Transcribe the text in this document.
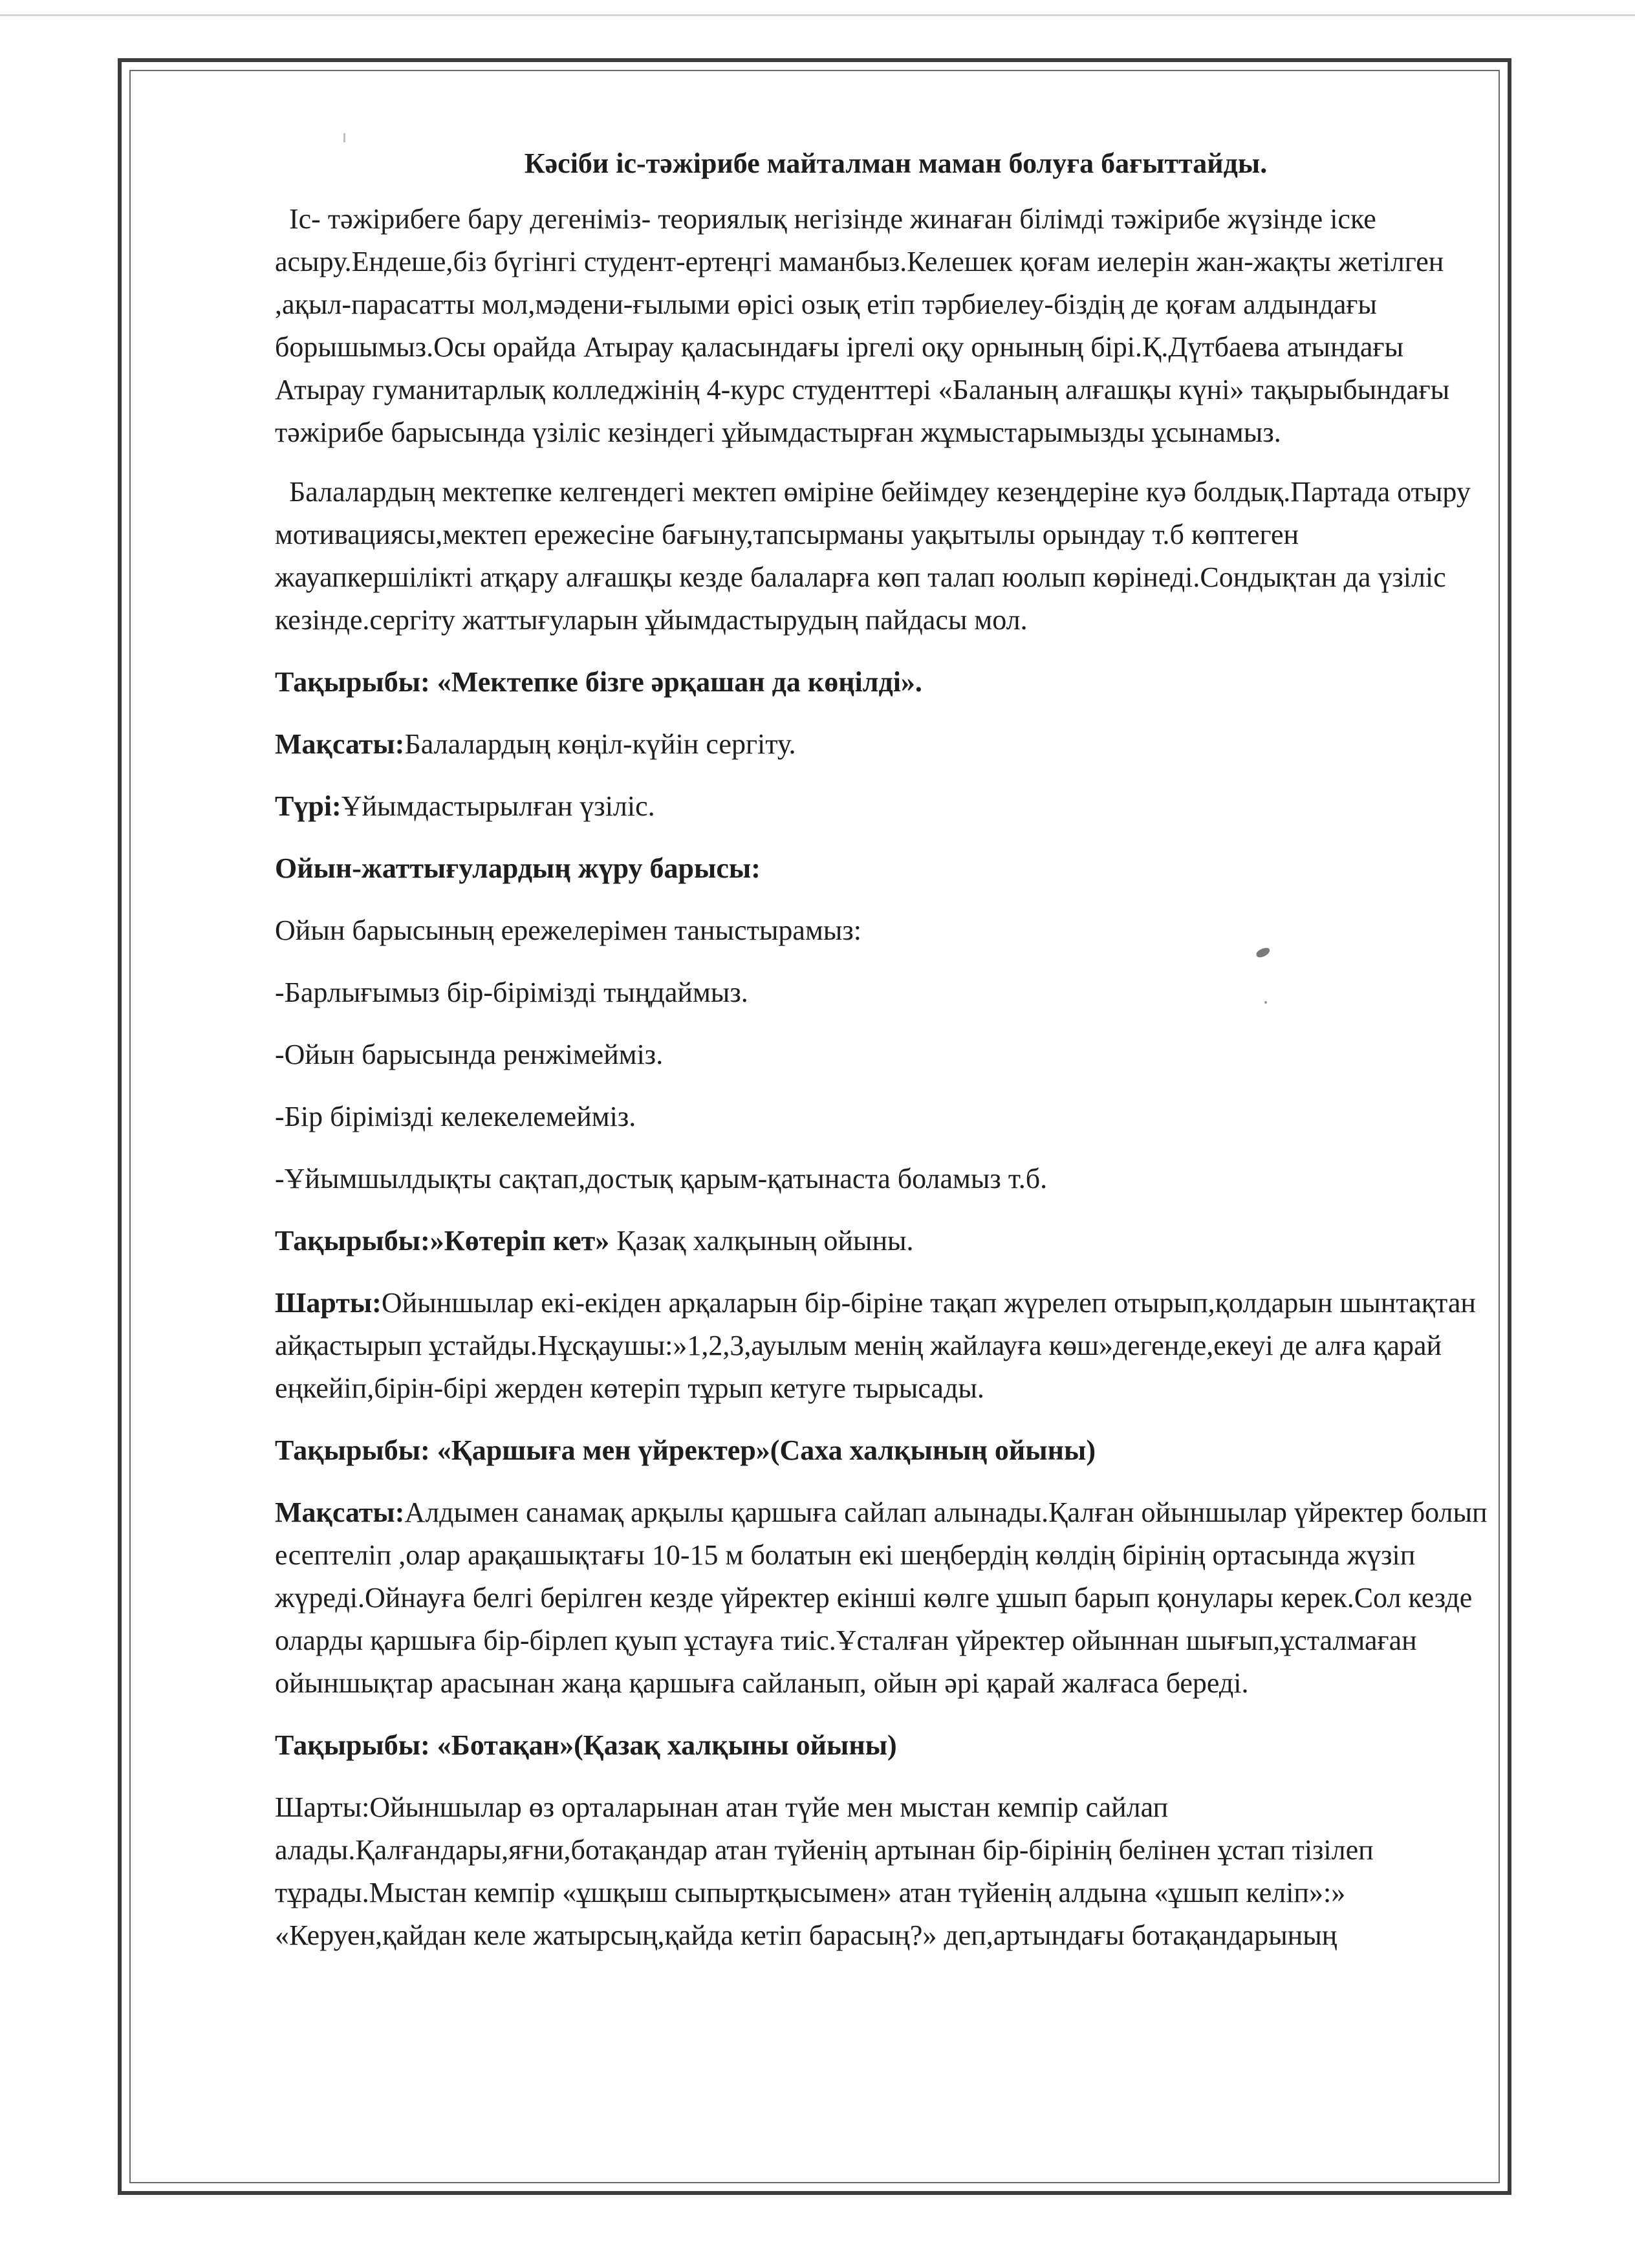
Кәсіби іс-тәжірибе майталман маман болуға бағыттайды.

Іс- тәжірибеге бару дегеніміз- теориялық негізінде жинаған білімді тәжірибе жүзінде іске асыру.Ендеше,біз бүгінгі студент-ертеңгі маманбыз.Келешек қоғам иелерін жан-жақты жетілген ,ақыл-парасатты мол,мәдени-ғылыми өрісі озық етіп тәрбиелеу-біздің де қоғам алдындағы борышымыз.Осы орайда Атырау қаласындағы іргелі оқу орнының бірі.Қ.Дүтбаева атындағы Атырау гуманитарлық колледжінің 4-курс студенттері «Баланың алғашқы күні» тақырыбындағы тәжірибе барысында үзіліс кезіндегі ұйымдастырған жұмыстарымызды ұсынамыз.

Балалардың мектепке келгендегі мектеп өміріне бейімдеу кезеңдеріне куә болдық.Партада отыру мотивациясы,мектеп ережесіне бағыну,тапсырманы уақытылы орындау т.б көптеген жауапкершілікті атқару алғашқы кезде балаларға көп талап юолып көрінеді.Сондықтан да үзіліс кезінде.сергіту жаттығуларын ұйымдастырудың пайдасы мол.

Тақырыбы: «Мектепке бізге әрқашан да көңілді».

Мақсаты:Балалардың көңіл-күйін сергіту.

Түрі:Ұйымдастырылған үзіліс.

Ойын-жаттығулардың жүру барысы:

Ойын барысының ережелерімен таныстырамыз:

-Барлығымыз бір-бірімізді тыңдаймыз.

-Ойын барысында ренжімейміз.

-Бір бірімізді келекелемейміз.

-Ұйымшылдықты сақтап,достық қарым-қатынаста боламыз т.б.

Тақырыбы:»Көтеріп кет» Қазақ халқының ойыны.

Шарты:Ойыншылар екі-екіден арқаларын бір-біріне тақап жүрелеп отырып,қолдарын шынтақтан айқастырып ұстайды.Нұсқаушы:»1,2,3,ауылым менің жайлауға көш»дегенде,екеуі де алға қарай еңкейіп,бірін-бірі жерден көтеріп тұрып кетуге тырысады.

Тақырыбы: «Қаршыға мен үйректер»(Саха халқының ойыны)

Мақсаты:Алдымен санамақ арқылы қаршыға сайлап алынады.Қалған ойыншылар үйректер болып есептеліп ,олар арақашықтағы 10-15 м болатын екі шеңбердің көлдің бірінің ортасында жүзіп жүреді.Ойнауға белгі берілген кезде үйректер екінші көлге ұшып барып қонулары керек.Сол кезде оларды қаршыға бір-бірлеп қуып ұстауға тиіс.Ұсталған үйректер ойыннан шығып,ұсталмаған ойыншықтар арасынан жаңа қаршыға сайланып, ойын әрі қарай жалғаса береді.

Тақырыбы: «Ботақан»(Қазақ халқыны ойыны)

Шарты:Ойыншылар өз орталарынан атан түйе мен мыстан кемпір сайлап алады.Қалғандары,яғни,ботақандар атан түйенің артынан бір-бірінің белінен ұстап тізілеп тұрады.Мыстан кемпір «ұшқыш сыпыртқысымен» атан түйенің алдына «ұшып келіп»:» «Керуен,қайдан келе жатырсың,қайда кетіп барасың?» деп,артындағы ботақандарының
